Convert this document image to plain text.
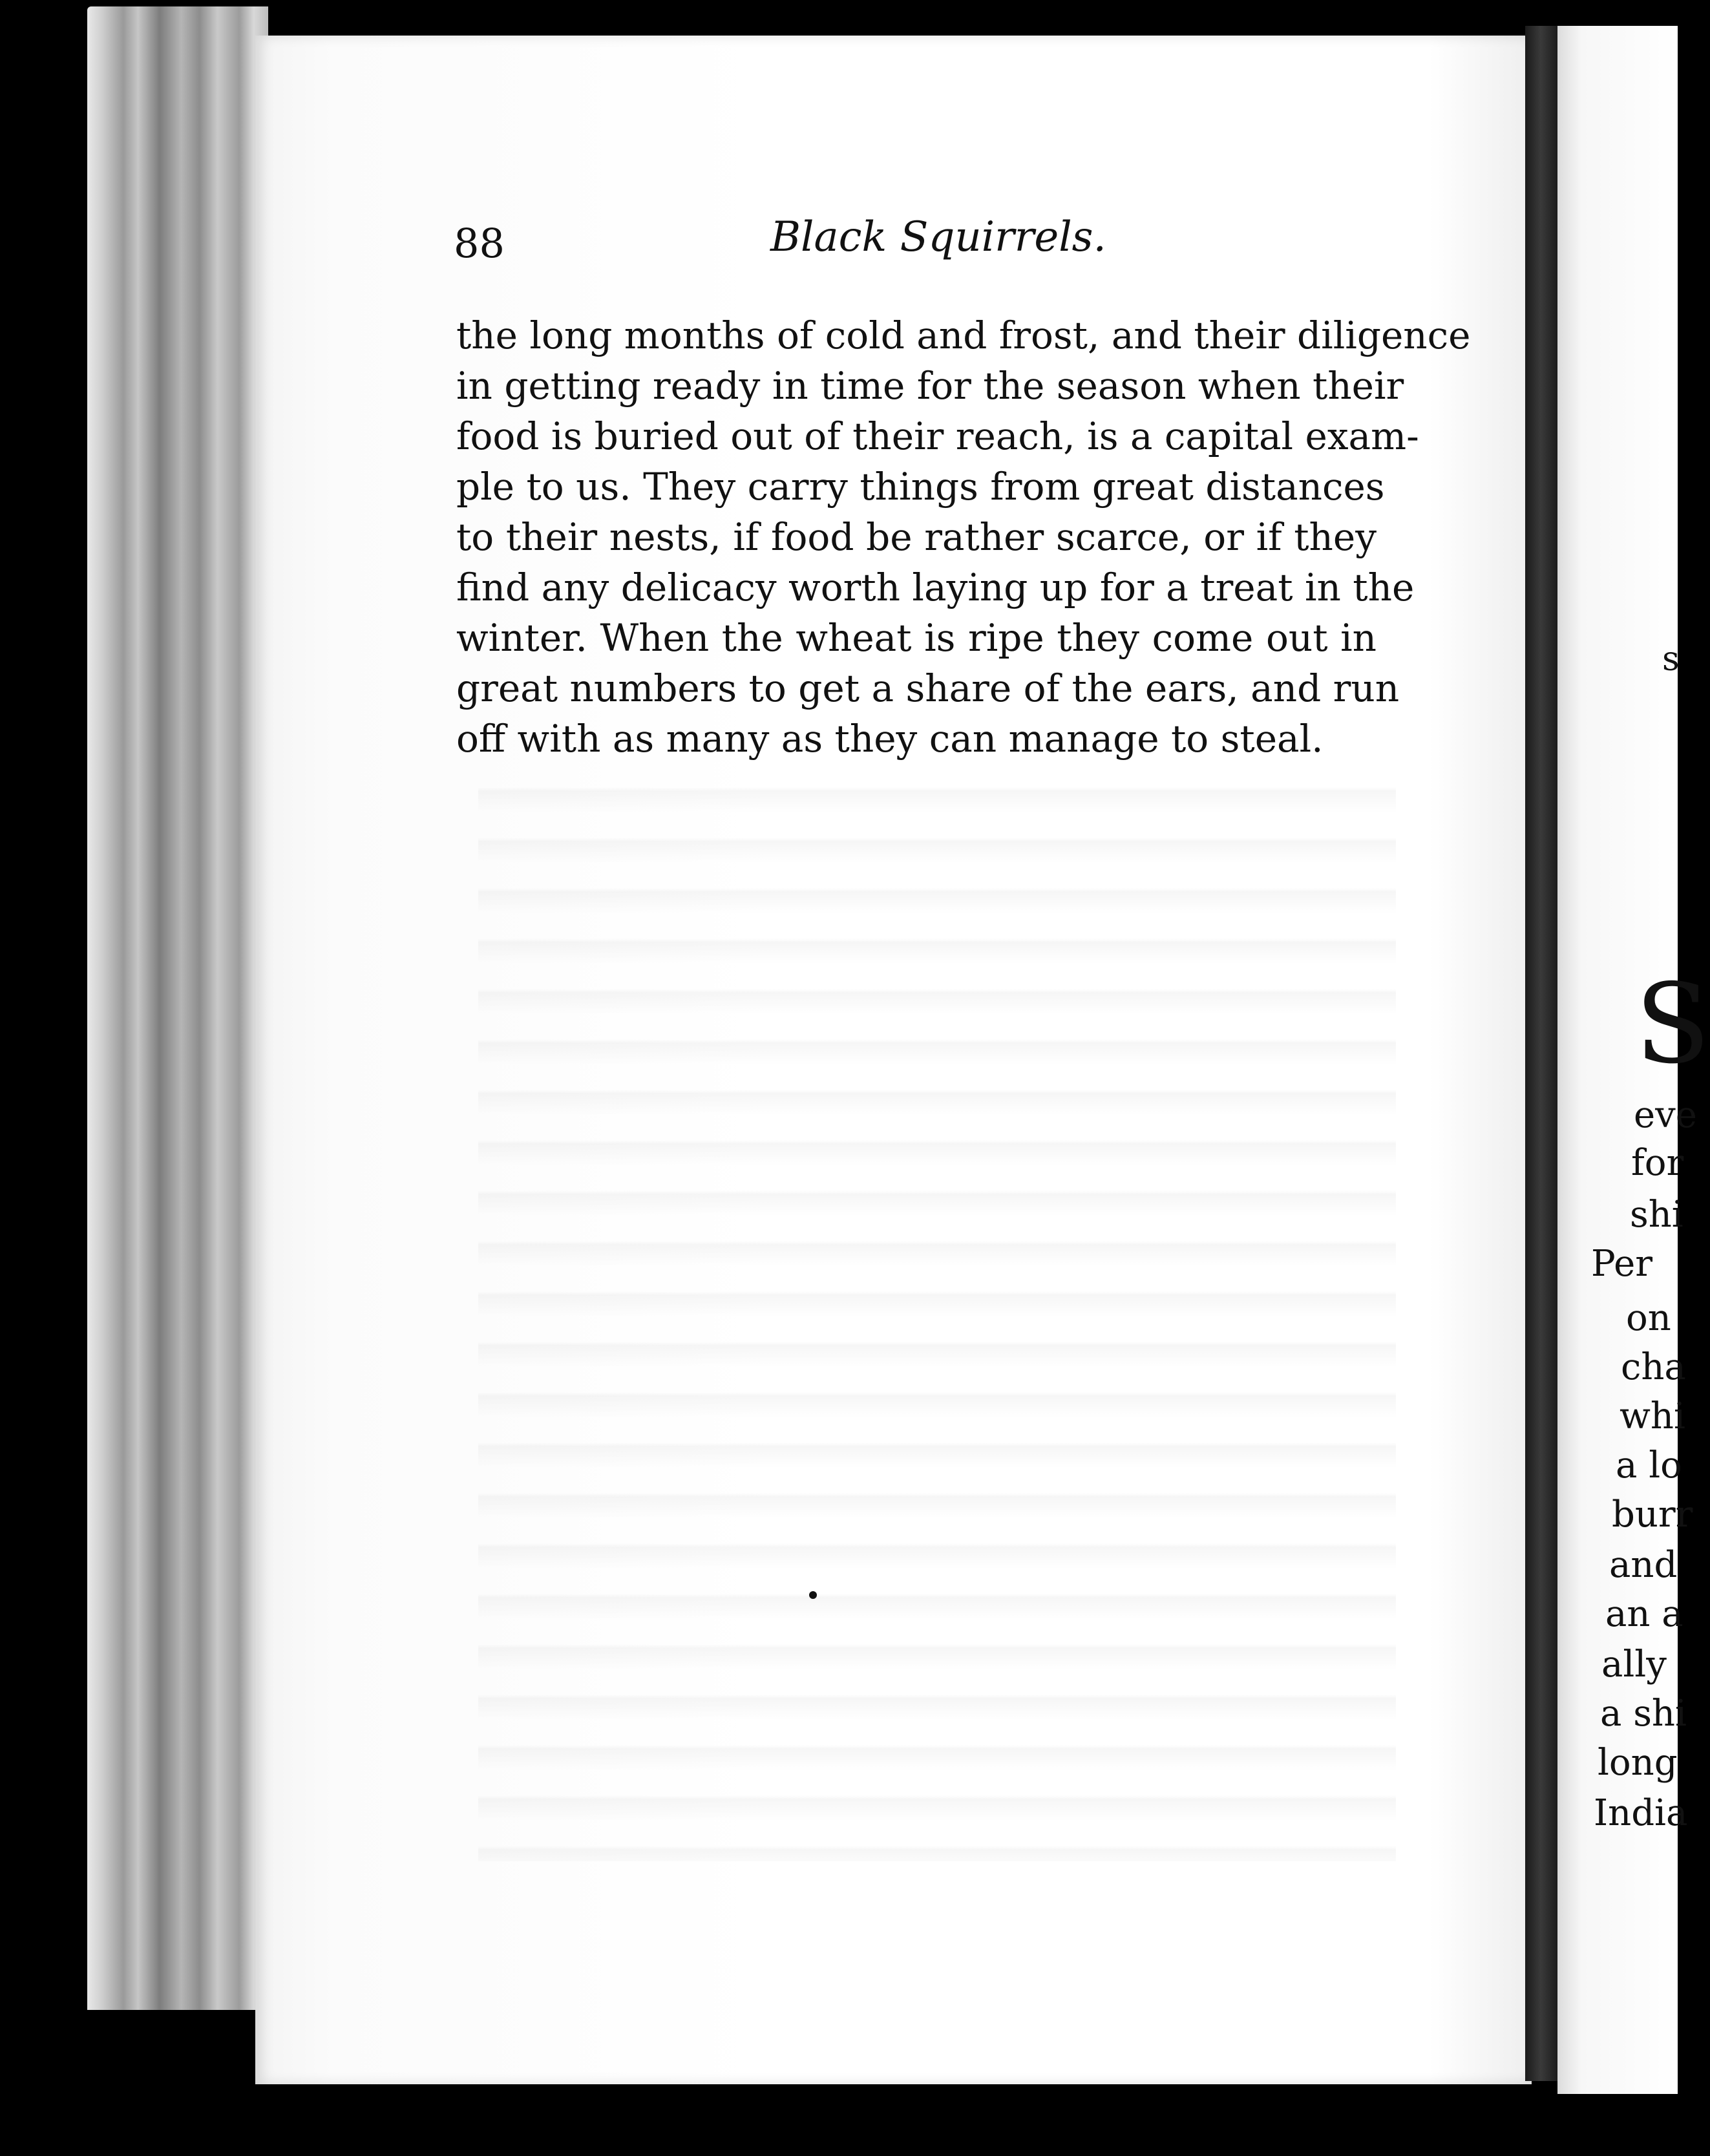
88	Black Squirrels.
the long months of cold and frost, and their diligence
in getting ready in time for the season when their
food is buried out of their reach, is a capital exam-
ple to us. They carry things from great distances
to their nests, if food be rather scarce, or if they
find any delicacy worth laying up for a treat in the
winter. When the wheat is ripe they come out in
great numbers to get a share of the ears, and run
off with as many as they can manage to steal.
s
S
eve
for
shi
Per
on
cha
whi
a lo
burr
and
an a
ally
a shi
long
India
